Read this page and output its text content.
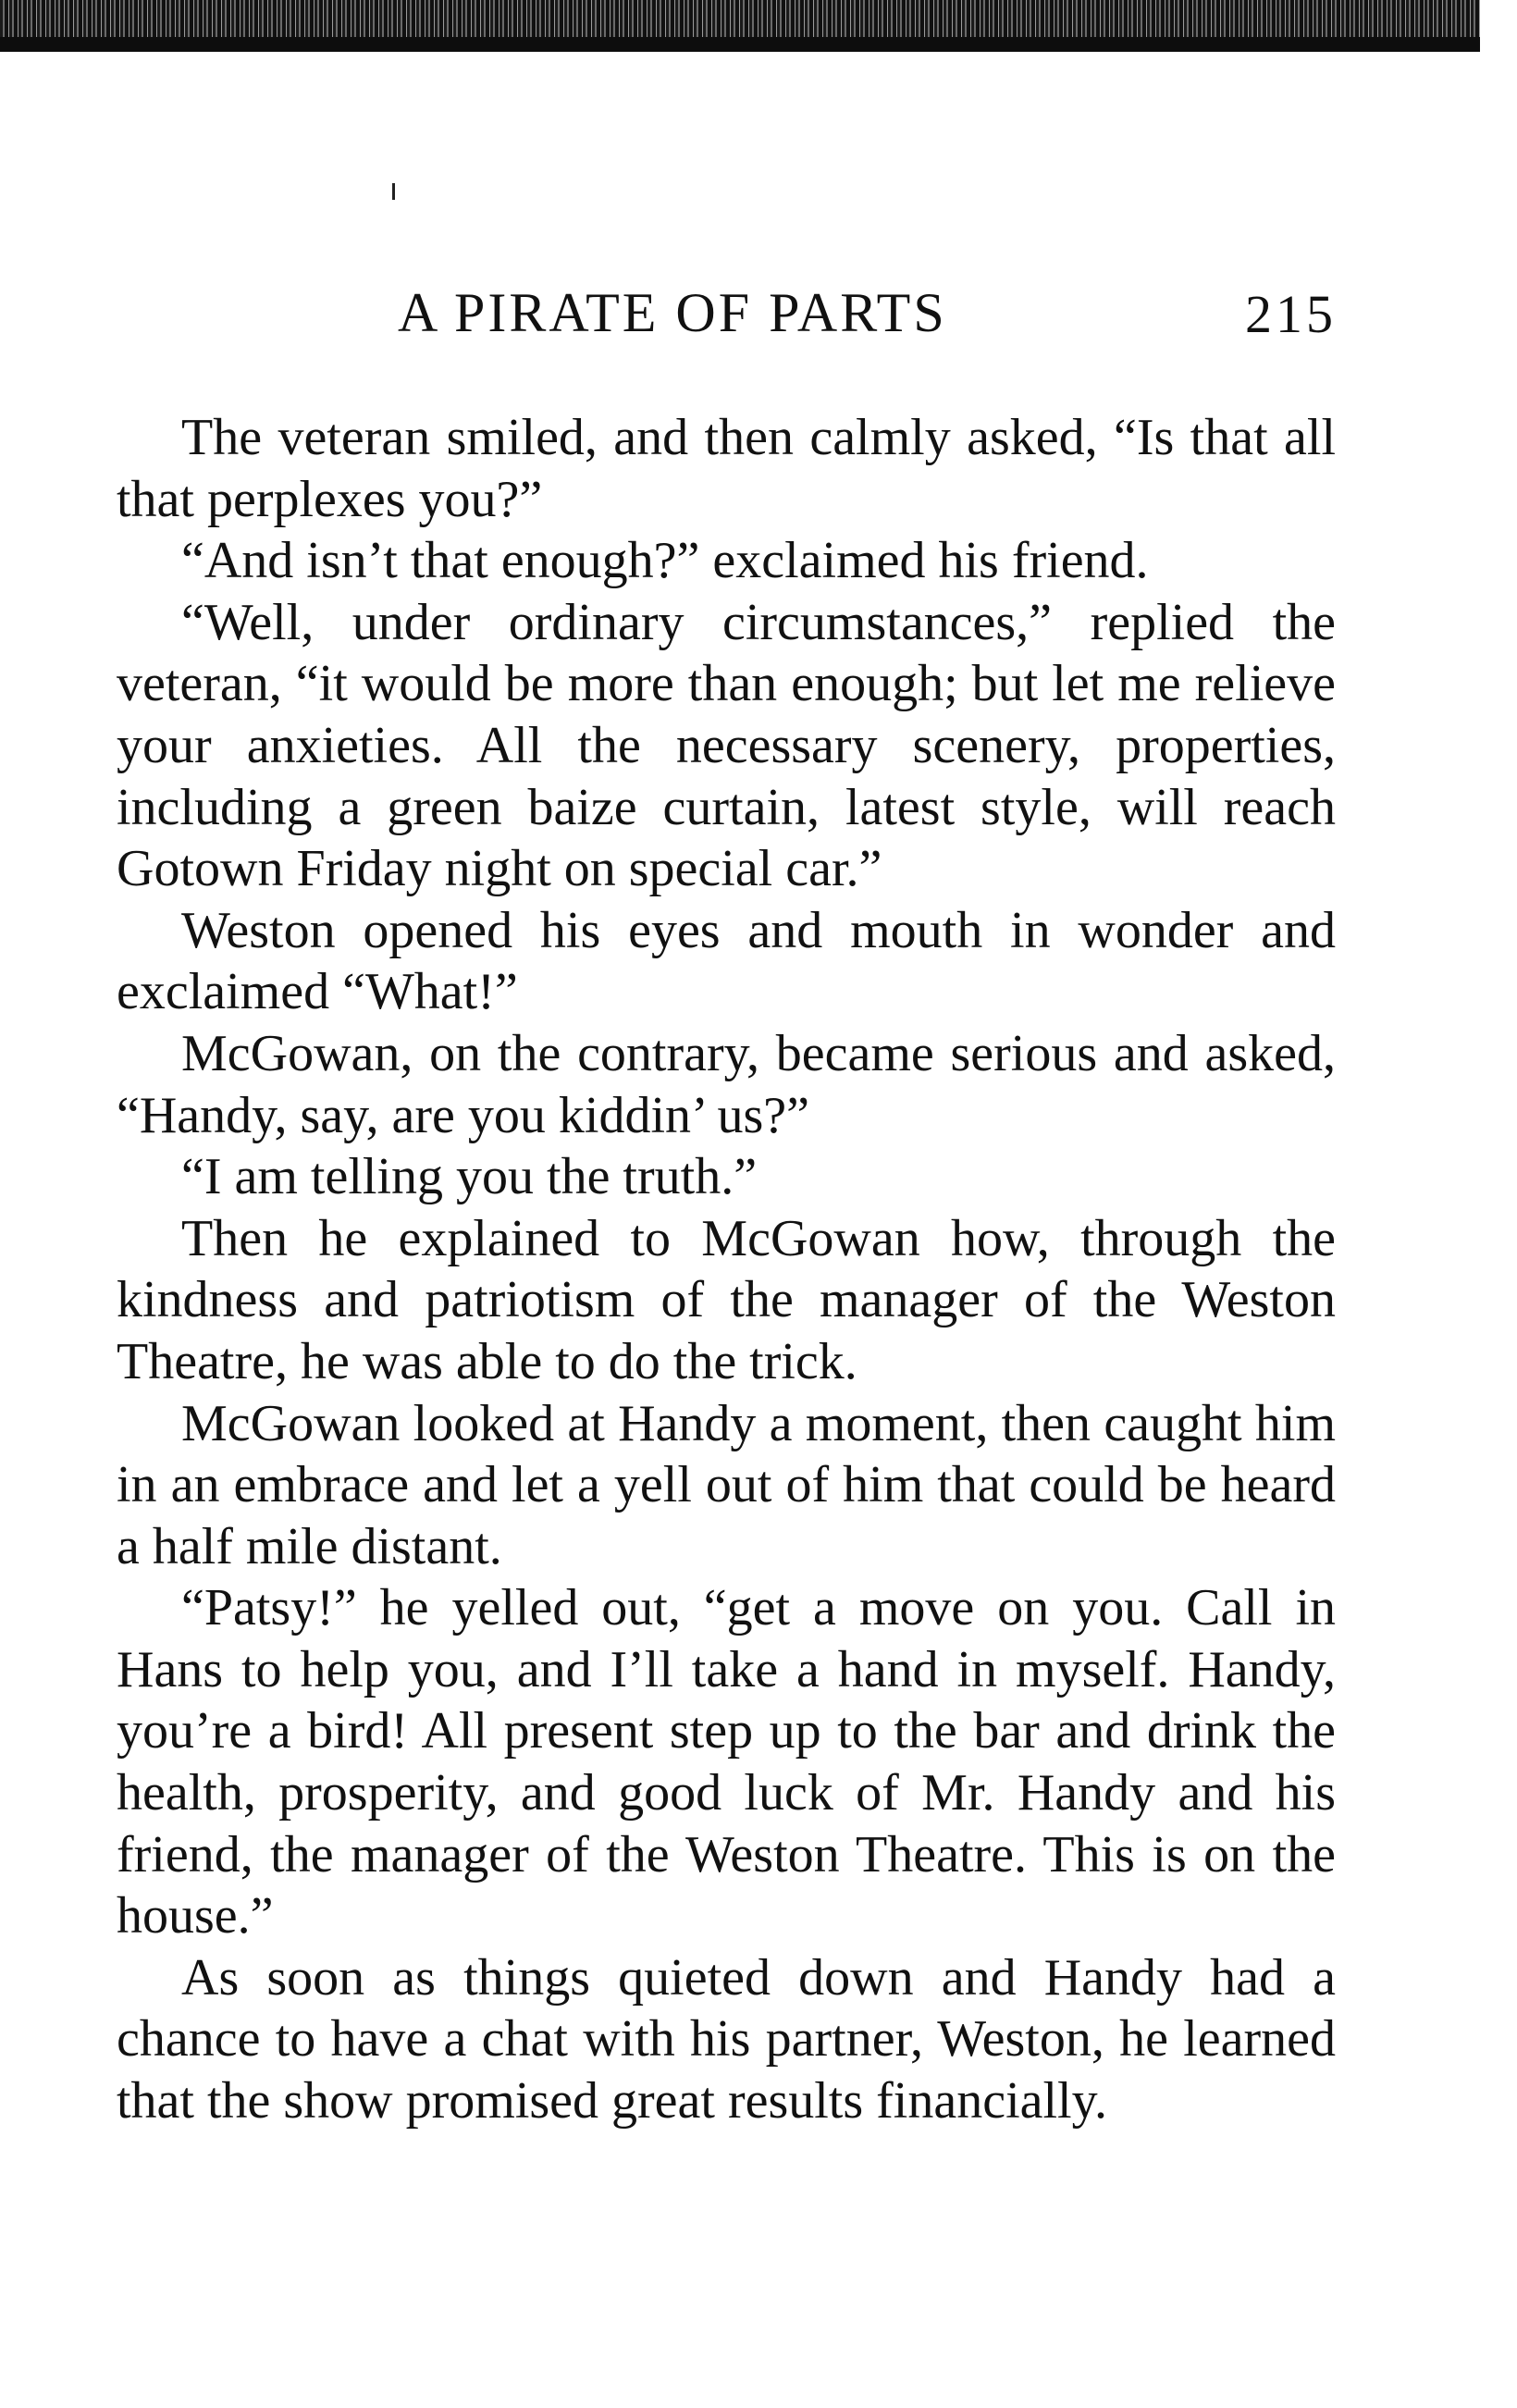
A PIRATE OF PARTS	215

The veteran smiled, and then calmly asked, “Is that all that perplexes you?”

“And isn’t that enough?” exclaimed his friend.

“Well, under ordinary circumstances,” replied the veteran, “it would be more than enough; but let me relieve your anxieties. All the necessary scenery, properties, including a green baize curtain, latest style, will reach Gotown Friday night on special car.”

Weston opened his eyes and mouth in wonder and exclaimed “What!”

McGowan, on the contrary, became serious and asked, “Handy, say, are you kiddin’ us?”

“I am telling you the truth.”

Then he explained to McGowan how, through the kindness and patriotism of the manager of the Weston Theatre, he was able to do the trick.

McGowan looked at Handy a moment, then caught him in an embrace and let a yell out of him that could be heard a half mile distant.

“Patsy!” he yelled out, “get a move on you. Call in Hans to help you, and I’ll take a hand in myself. Handy, you’re a bird! All present step up to the bar and drink the health, prosperity, and good luck of Mr. Handy and his friend, the manager of the Weston Theatre. This is on the house.”

As soon as things quieted down and Handy had a chance to have a chat with his partner, Weston, he learned that the show promised great results financially.
